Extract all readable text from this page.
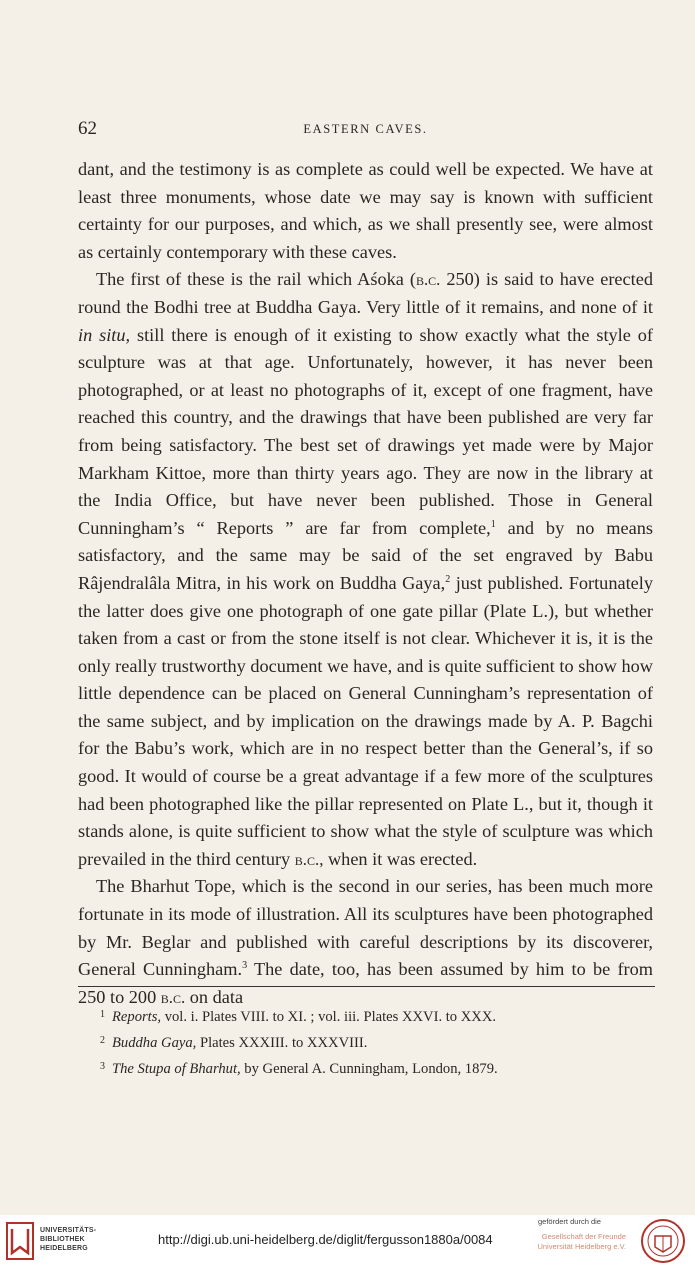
62	EASTERN CAVES.

dant, and the testimony is as complete as could well be expected. We have at least three monuments, whose date we may say is known with sufficient certainty for our purposes, and which, as we shall presently see, were almost as certainly contemporary with these caves.

The first of these is the rail which Aśoka (b.c. 250) is said to have erected round the Bodhi tree at Buddha Gaya. Very little of it remains, and none of it in situ, still there is enough of it existing to show exactly what the style of sculpture was at that age. Unfortunately, however, it has never been photographed, or at least no photographs of it, except of one fragment, have reached this country, and the drawings that have been published are very far from being satisfactory. The best set of drawings yet made were by Major Markham Kittoe, more than thirty years ago. They are now in the library at the India Office, but have never been published. Those in General Cunningham’s “ Reports ” are far from complete,$^1$ and by no means satisfactory, and the same may be said of the set engraved by Babu Râjendralâla Mitra, in his work on Buddha Gaya,$^2$ just published. Fortunately the latter does give one photograph of one gate pillar (Plate L.), but whether taken from a cast or from the stone itself is not clear. Whichever it is, it is the only really trustworthy document we have, and is quite sufficient to show how little dependence can be placed on General Cunningham’s representation of the same subject, and by implication on the drawings made by A. P. Bagchi for the Babu’s work, which are in no respect better than the General’s, if so good. It would of course be a great advantage if a few more of the sculptures had been photographed like the pillar represented on Plate L., but it, though it stands alone, is quite sufficient to show what the style of sculpture was which prevailed in the third century b.c., when it was erected.

The Bharhut Tope, which is the second in our series, has been much more fortunate in its mode of illustration. All its sculptures have been photographed by Mr. Beglar and published with careful descriptions by its discoverer, General Cunningham.$^3$ The date, too, has been assumed by him to be from 250 to 200 b.c. on data

$^1$ Reports, vol. i. Plates VIII. to XI. ; vol. iii. Plates XXVI. to XXX.
$^2$ Buddha Gaya, Plates XXXIII. to XXXVIII.
$^3$ The Stupa of Bharhut, by General A. Cunningham, London, 1879.
UNIVERSITÄTS-
BIBLIOTHEK
HEIDELBERG
http://digi.ub.uni-heidelberg.de/diglit/fergusson1880a/0084
gefördert durch die
Gesellschaft der Freunde
Universität Heidelberg e.V.
